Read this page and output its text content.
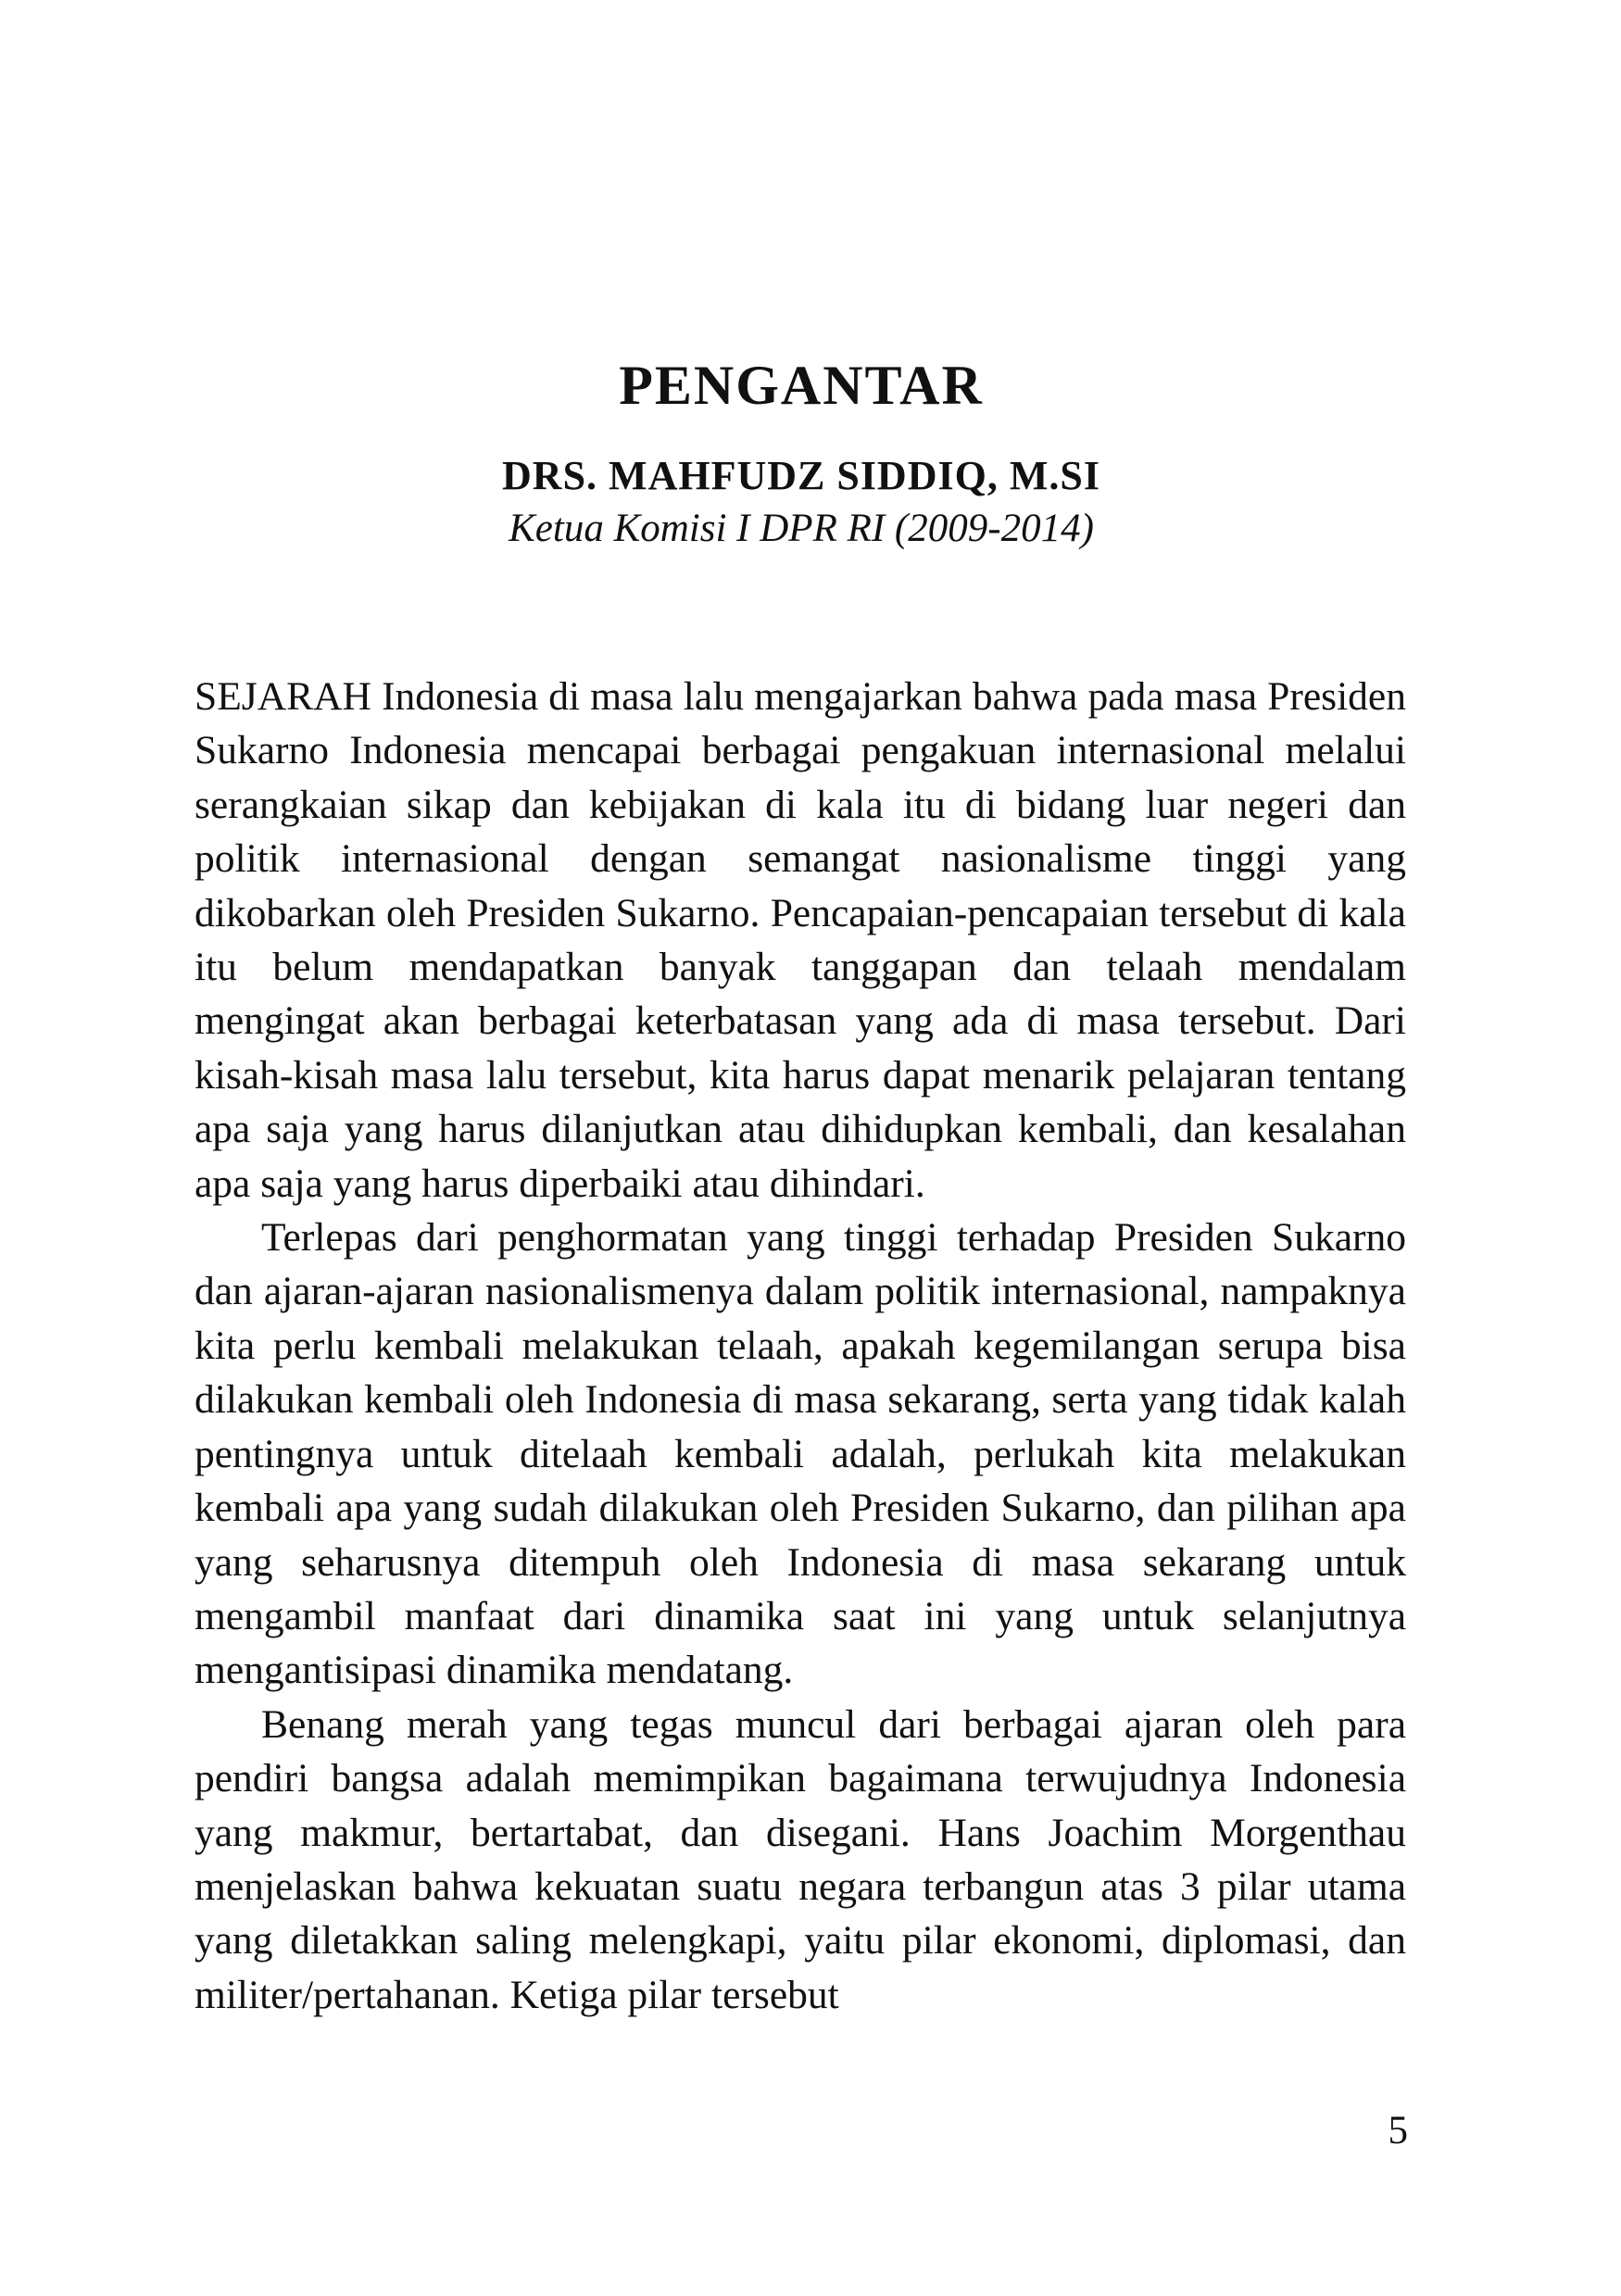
PENGANTAR
DRS. MAHFUDZ SIDDIQ, M.SI
Ketua Komisi I DPR RI (2009-2014)

SEJARAH Indonesia di masa lalu mengajarkan bahwa pada masa Presiden Sukarno Indonesia mencapai berbagai pengakuan internasional melalui serangkaian sikap dan kebijakan di kala itu di bidang luar negeri dan politik internasional dengan semangat nasionalisme tinggi yang dikobarkan oleh Presiden Sukarno. Pencapaian-pencapaian tersebut di kala itu belum mendapatkan banyak tanggapan dan telaah mendalam mengingat akan berbagai keterbatasan yang ada di masa tersebut. Dari kisah-kisah masa lalu tersebut, kita harus dapat menarik pelajaran tentang apa saja yang harus dilanjutkan atau dihidupkan kembali, dan kesalahan apa saja yang harus diperbaiki atau dihindari.

Terlepas dari penghormatan yang tinggi terhadap Presiden Sukarno dan ajaran-ajaran nasionalismenya dalam politik internasional, nampaknya kita perlu kembali melakukan telaah, apakah kegemilangan serupa bisa dilakukan kembali oleh Indonesia di masa sekarang, serta yang tidak kalah pentingnya untuk ditelaah kembali adalah, perlukah kita melakukan kembali apa yang sudah dilakukan oleh Presiden Sukarno, dan pilihan apa yang seharusnya ditempuh oleh Indonesia di masa sekarang untuk mengambil manfaat dari dinamika saat ini yang untuk selanjutnya mengantisipasi dinamika mendatang.

Benang merah yang tegas muncul dari berbagai ajaran oleh para pendiri bangsa adalah memimpikan bagaimana terwujudnya Indonesia yang makmur, bertartabat, dan disegani. Hans Joachim Morgenthau menjelaskan bahwa kekuatan suatu negara terbangun atas 3 pilar utama yang diletakkan saling melengkapi, yaitu pilar ekonomi, diplomasi, dan militer/pertahanan. Ketiga pilar tersebut

5
